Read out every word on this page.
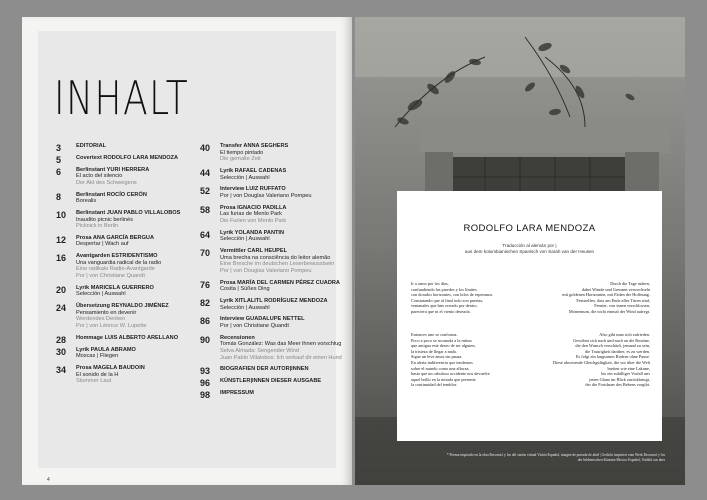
INHALT
3	EDITORIAL
5	Covertext RODOLFO LARA MENDOZA
6	Berlinstant YURI HERRERA
El acto del silencio
Der Akt des Schweigens
8	Berlinstant ROCÍO CERÓN
Borealis
10	Berlinstant JUAN PABLO VILLALOBOS
Inaudito picnic berlinés
Picknick in Berlin
12	Prosa ANA GARCÍA BERGUA
Despertar | Wach auf
16	Avantgarden ESTRIDENTISMO
Una vanguardia radical de la radio
Eine radikale Radio-Avantgarde
Por | von Christiane Quandt
20	Lyrik MARICELA GUERRERO
Selección | Auswahl
24	Übersetzung REYNALDO JIMÉNEZ
Pensamiento en devenir
Werdendes Denken
Por | von Léonce W. Lupette
28	Hommage LUIS ALBERTO ARELLANO
30	Lyrik PAULA ABRAMO
Moscas | Fliegen
34	Prosa MAGELA BAUDOIN
El sonido de la H
Stummer Laut
40	Transfer ANNA SEGHERS
El tiempo pintado
Die gemalte Zeit
44	Lyrik RAFAEL CADENAS
Selección | Auswahl
52	Interview LUIZ RUFFATO
Por | von Douglas Valeriano Pompeu
58	Prosa IGNACIO PADILLA
Las furias de Menlo Park
Die Furien von Menlo Park
64	Lyrik YOLANDA PANTIN
Selección | Auswahl
70	Vermittler CARL HEUPEL
Uma brecha na consciência do leitor alemão
Eine Bresche im deutschen Leserbewusstsein
Por | von Douglas Valeriano Pompeu
76	Prosa MARÍA DEL CARMEN PÉREZ CUADRA
Cosita | Süßes Ding
82	Lyrik XITLALITL RODRÍGUEZ MENDOZA
Selección | Auswahl
86	Interview GUADALUPE NETTEL
Por | von Christiane Quandt
90	Recensionen
Tomás González: Was das Meer ihnen vorschlug
Selva Almada: Sengender Wind
Juan Pablo Villalobos: Ich verkauf dir einen Hund
93	BIOGRAFIEN DER AUTOR|INNEN
96	KÜNSTLER|INNEN DIESER AUSGABE
98	IMPRESSUM
4
RODOLFO LARA MENDOZA
Traducción al alemán por |
aus dem kolumbianischen Spanisch von Sarah van der Heusen
Ir a armo por los días,
confundiendo las paredes y los límites
con dorados horizontes, con hilos de esperanza.
Constatando que al final todo son puertas,
ventanales que han cerrado por dentro,
pareciera que ni el viento desearía.
Entonces uno se conforma.
Poco a poco se acomoda a la rutina
que antigua este deseo de ser alguien,
la tristeza de llegar a nada.
Sigue un leve amor sin pausa.
En alerta indiferencia que tendemos
sobre el mundo como una alforza,
hasta que un cabuloso accidente nos devuelve
aquel brillo en la mirada que presente
la continuidad del temblor.
Durch die Tage rudern,
dabei Wände und Grenzen verwechseln
mit goldenen Horizonten, mit Fäden der Hoffnung.
Feststellen, dass am Ende alles Türen sind,
Fenster, von innen verschlossen,
Momentum, die nicht einmal der Wind aufregt.
Also gibt man sich zufrieden.
Gewöhnt sich nach und nach an die Routine,
die den Wunsch verschärft, jemand zu sein,
die Traurigkeit darüber, es zu werden.
Es folgt ein langsames Rudern ohne Pause.
Diese abwesende Gleichgültigkeit, die wir über die Welt
breiten wie eine Lakune,
bis ein zufälliger Vorfall uns
jenen Glanz im Blick zurückbringt,
der die Fortdauer des Bebens vorgibt.
* Poema inspirado en la obra Reconocí y los del cartón virtual Visión Español, imagen de portada de abril | Gedicht inspiriert vom Werk Reconocí y los
der bildnerischen Künsten Mexico Español, Vorbild aus aber
